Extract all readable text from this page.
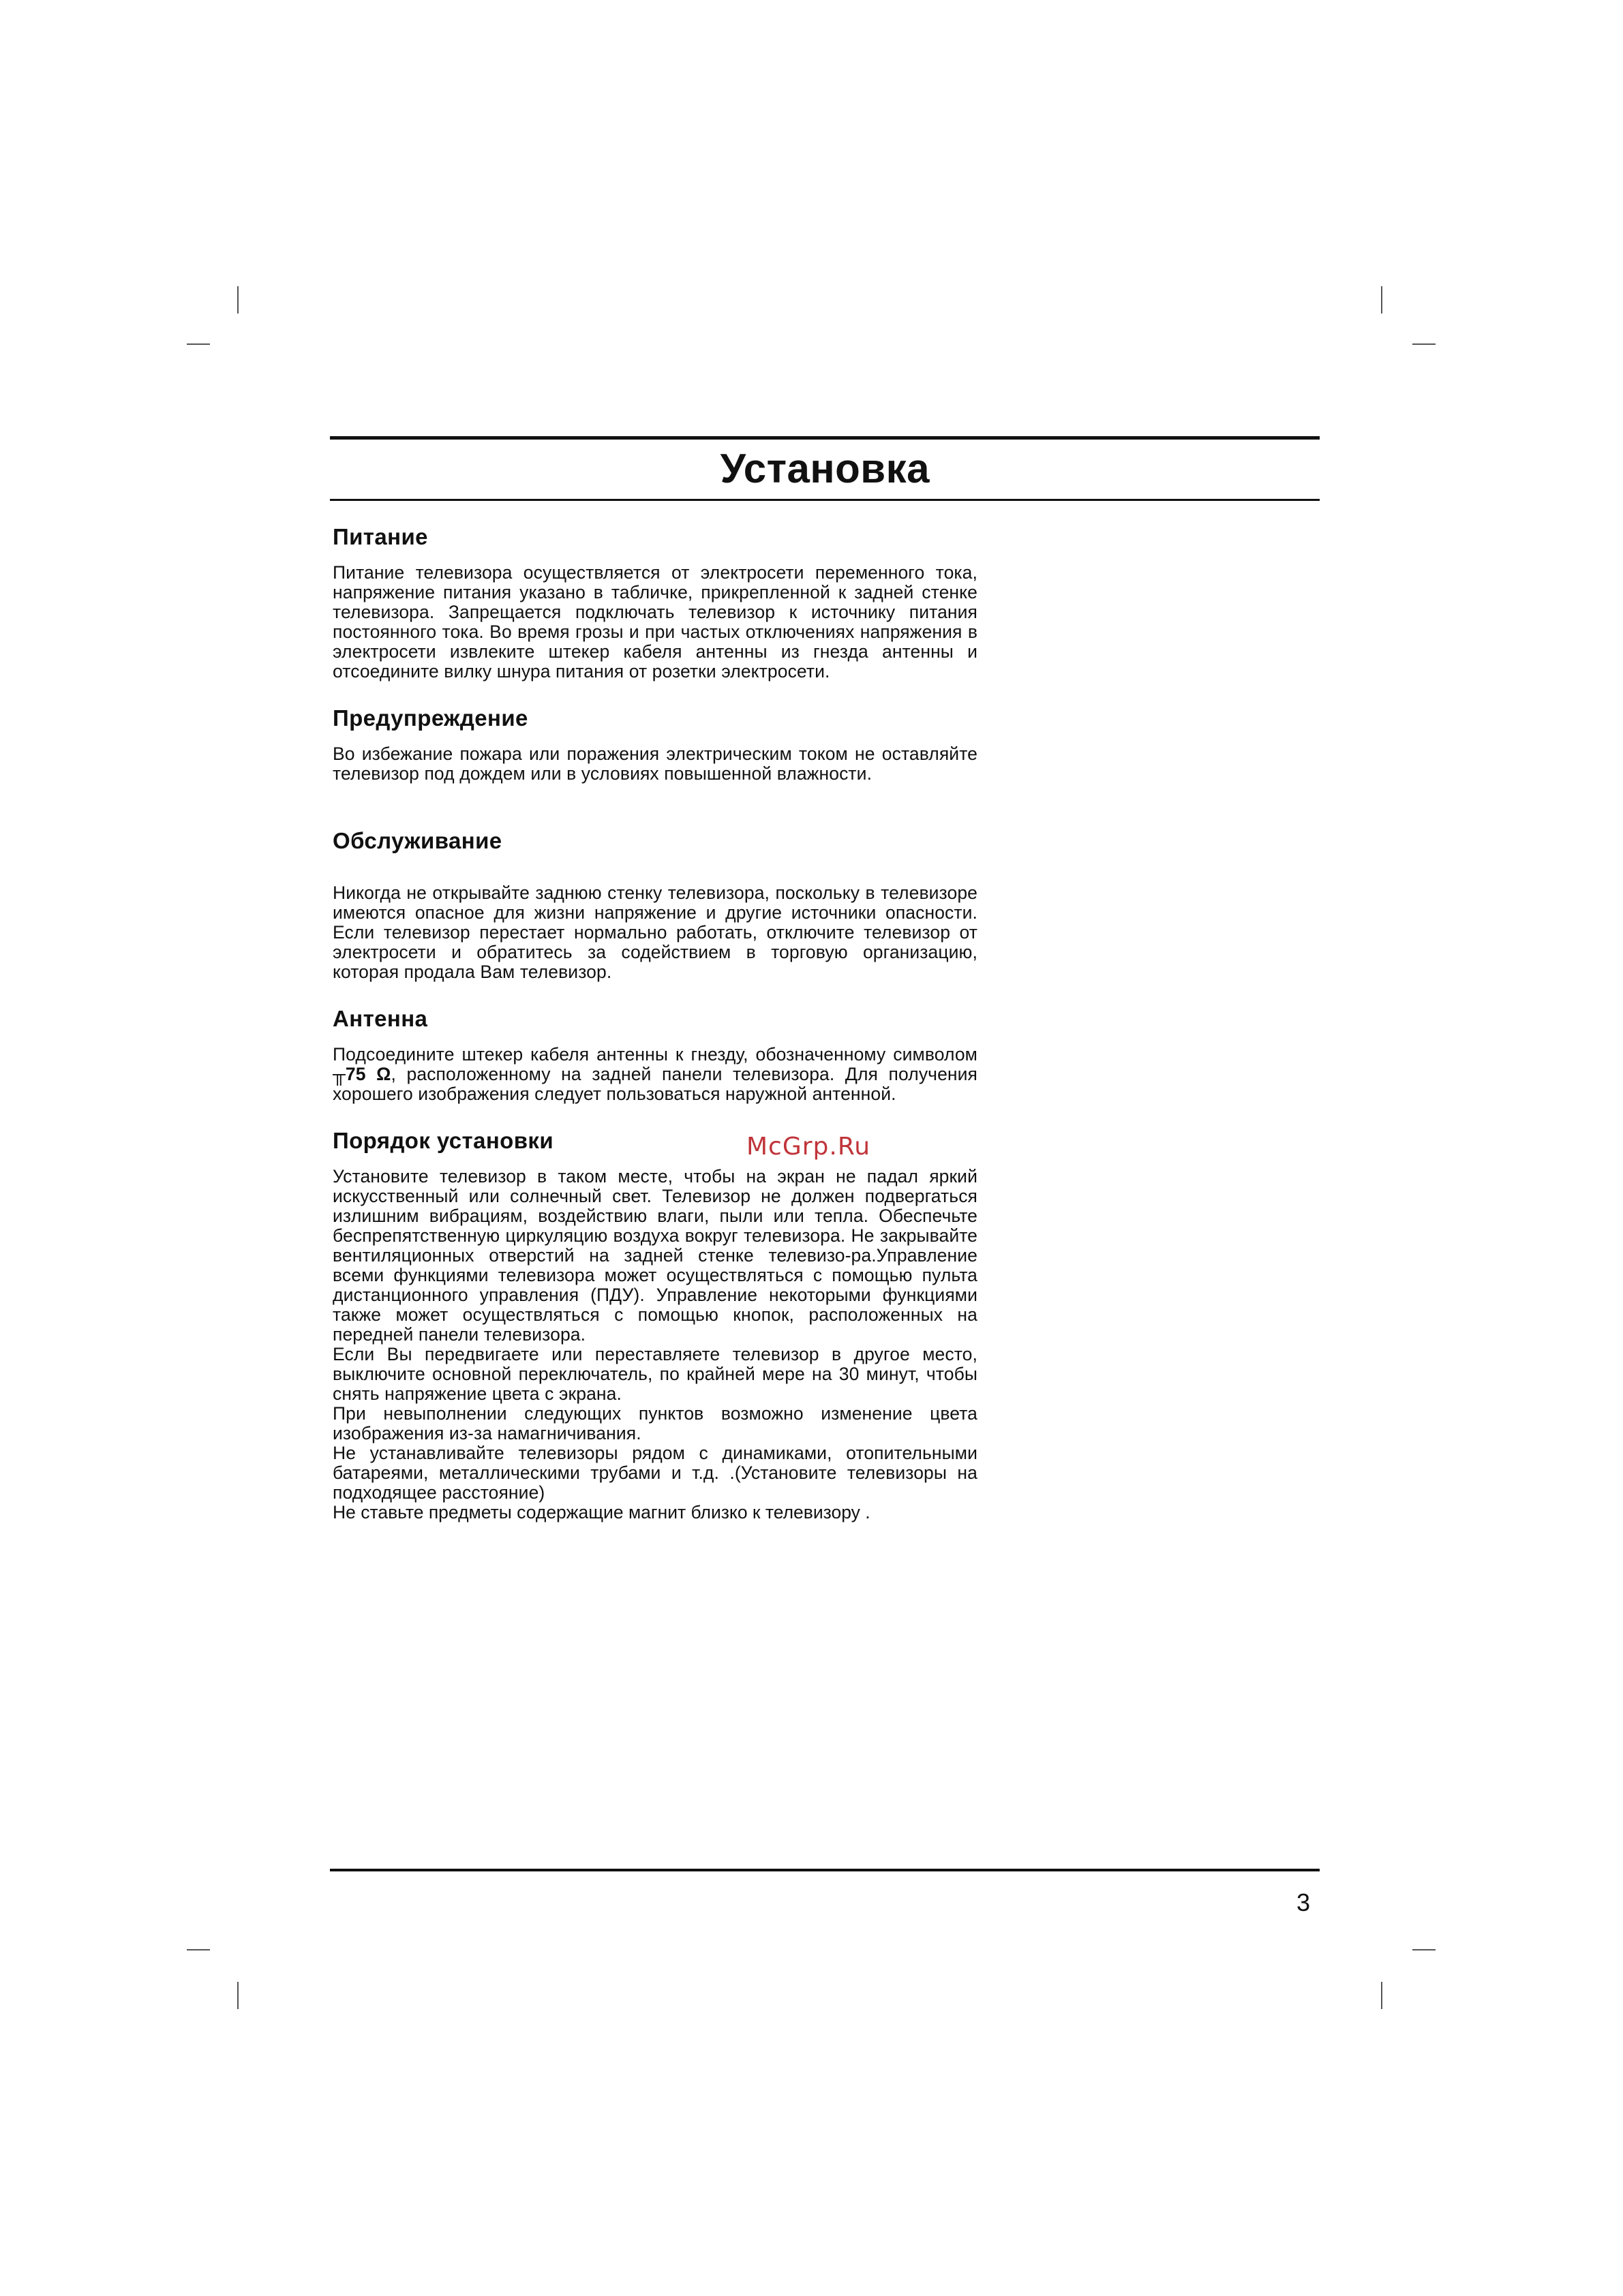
Установка
Питание

Питание телевизора осуществляется от электросети переменного тока, напряжение питания указано в табличке, прикрепленной к задней стенке телевизора. Запрещается подключать телевизор к источнику питания постоянного тока. Во время грозы и при частых отключениях напряжения в электросети извлеките штекер кабеля антенны из гнезда антенны и отсоедините вилку шнура питания от розетки электросети.

Предупреждение

Во избежание пожара или поражения электрическим током не оставляйте телевизор под дождем или в условиях повышенной влажности.

Обслуживание

Никогда не открывайте заднюю стенку телевизора, поскольку в телевизоре имеются опасное для жизни напряжение и другие источники опасности. Если телевизор перестает нормально работать, отключите телевизор от электросети и обратитесь за содействием в торговую организацию, которая продала Вам телевизор.

Антенна

Подсоедините штекер кабеля антенны к гнезду, обозначенному символом ╥75 Ω, расположенному на задней панели телевизора. Для получения хорошего изображения следует пользоваться наружной антенной.

Порядок установки

Установите телевизор в таком месте, чтобы на экран не падал яркий искусственный или солнечный свет. Телевизор не должен подвергаться излишним вибрациям, воздействию влаги, пыли или тепла. Обеспечьте беспрепятственную циркуляцию воздуха вокруг телевизора. Не закрывайте вентиляционных отверстий на задней стенке телевизо-ра.Управление всеми функциями телевизора может осуществляться с помощью пульта дистанционного управления (ПДУ). Управление некоторыми функциями также может осуществляться с помощью кнопок, расположенных на передней панели телевизора.

Если Вы передвигаете или переставляете телевизор в другое место, выключите основной переключатель, по крайней мере на 30 минут, чтобы снять напряжение цвета с экрана.

При невыполнении следующих пунктов возможно изменение цвета изображения из-за намагничивания.

Не устанавливайте телевизоры рядом с динамиками, отопительными батареями, металлическими трубами и т.д. .(Установите телевизоры на подходящее расстояние)

Не ставьте предметы содержащие магнит близко к телевизору .

McGrp.Ru
3
